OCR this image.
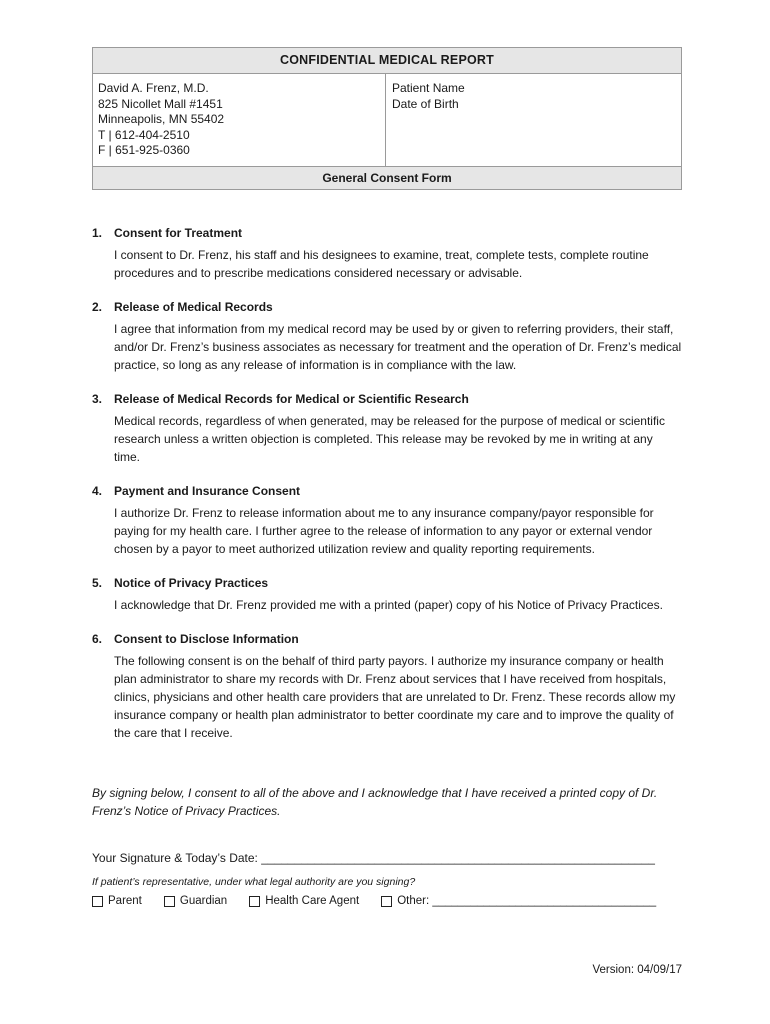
CONFIDENTIAL MEDICAL REPORT
David A. Frenz, M.D.
825 Nicollet Mall #1451
Minneapolis, MN 55402
T | 612-404-2510
F | 651-925-0360
Patient Name
Date of Birth
General Consent Form
1. Consent for Treatment
I consent to Dr. Frenz, his staff and his designees to examine, treat, complete tests, complete routine procedures and to prescribe medications considered necessary or advisable.
2. Release of Medical Records
I agree that information from my medical record may be used by or given to referring providers, their staff, and/or Dr. Frenz’s business associates as necessary for treatment and the operation of Dr. Frenz’s medical practice, so long as any release of information is in compliance with the law.
3. Release of Medical Records for Medical or Scientific Research
Medical records, regardless of when generated, may be released for the purpose of medical or scientific research unless a written objection is completed. This release may be revoked by me in writing at any time.
4. Payment and Insurance Consent
I authorize Dr. Frenz to release information about me to any insurance company/payor responsible for paying for my health care. I further agree to the release of information to any payor or external vendor chosen by a payor to meet authorized utilization review and quality reporting requirements.
5. Notice of Privacy Practices
I acknowledge that Dr. Frenz provided me with a printed (paper) copy of his Notice of Privacy Practices.
6. Consent to Disclose Information
The following consent is on the behalf of third party payors. I authorize my insurance company or health plan administrator to share my records with Dr. Frenz about services that I have received from hospitals, clinics, physicians and other health care providers that are unrelated to Dr. Frenz. These records allow my insurance company or health plan administrator to better coordinate my care and to improve the quality of the care that I receive.
By signing below, I consent to all of the above and I acknowledge that I have received a printed copy of Dr. Frenz’s Notice of Privacy Practices.
Your Signature & Today’s Date: ___________________________________________________________
If patient’s representative, under what legal authority are you signing?
Parent	Guardian	Health Care Agent	Other: ___________________________________
Version: 04/09/17
